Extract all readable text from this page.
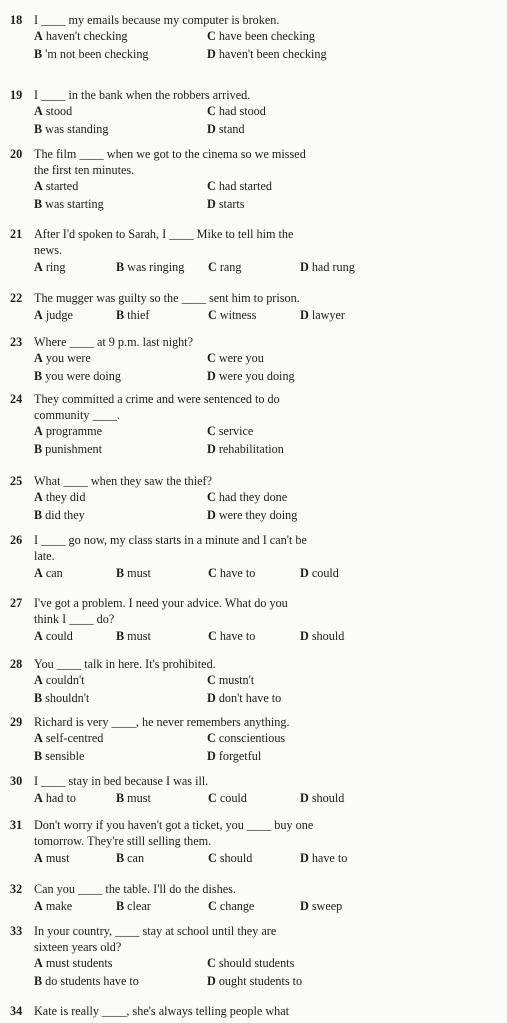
18 I ____ my emails because my computer is broken.
A haven't checking	C have been checking
B 'm not been checking	D haven't been checking
19 I ____ in the bank when the robbers arrived.
A stood	C had stood
B was standing	D stand
20 The film ____ when we got to the cinema so we missed
the first ten minutes.
A started	C had started
B was starting	D starts
21 After I'd spoken to Sarah, I ____ Mike to tell him the
news.
A ring	B was ringing C rang	D had rung
22 The mugger was guilty so the ____ sent him to prison.
A judge	B thief	C witness	D lawyer
23 Where ____ at 9 p.m. last night?
A you were	C were you
B you were doing	D were you doing
24 They committed a crime and were sentenced to do
community ____.
A programme	C service
B punishment	D rehabilitation
25 What ____ when they saw the thief?
A they did	C had they done
B did they	D were they doing
26 I ____ go now, my class starts in a minute and I can't be
late.
A can	B must	C have to	D could
27 I've got a problem. I need your advice. What do you
think I ____ do?
A could	B must	C have to	D should
28 You ____ talk in here. It's prohibited.
A couldn't	C mustn't
B shouldn't	D don't have to
29 Richard is very ____, he never remembers anything.
A self-centred	C conscientious
B sensible	D forgetful
30 I ____ stay in bed because I was ill.
A had to	B must	C could	D should
31 Don't worry if you haven't got a ticket, you ____ buy one
tomorrow. They're still selling them.
A must	B can	C should	D have to
32 Can you ____ the table. I'll do the dishes.
A make	B clear	C change	D sweep
33 In your country, ____ stay at school until they are
sixteen years old?
A must students	C should students
B do students have to	D ought students to
34 Kate is really ____, she's always telling people what
